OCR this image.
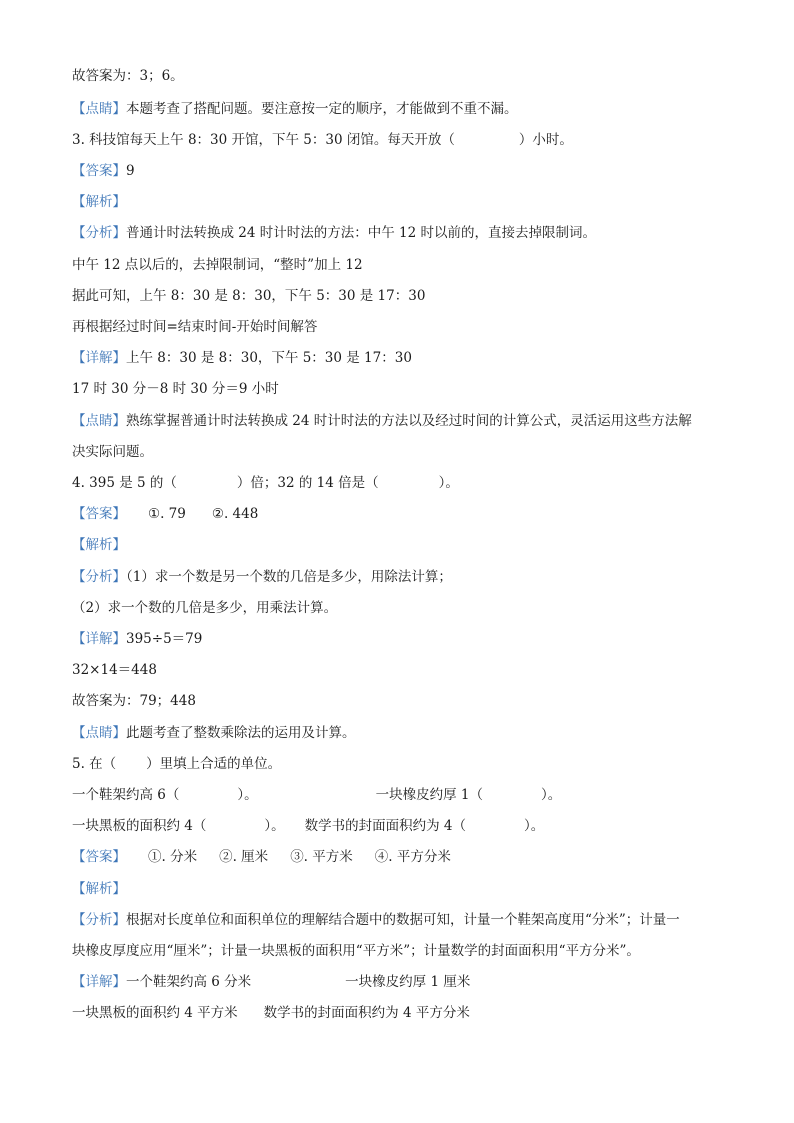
故答案为：3；6。
【点睛】本题考查了搭配问题。要注意按一定的顺序，才能做到不重不漏。
3. 科技馆每天上午 8：30 开馆，下午 5：30 闭馆。每天开放（	）小时。
【答案】9
【解析】
【分析】普通计时法转换成 24 时计时法的方法：中午 12 时以前的，直接去掉限制词。
中午 12 点以后的，去掉限制词，“整时”加上 12
据此可知，上午 8：30 是 8：30，下午 5：30 是 17：30
再根据经过时间=结束时间-开始时间解答
【详解】上午 8：30 是 8：30，下午 5：30 是 17：30
17 时 30 分－8 时 30 分＝9 小时
【点睛】熟练掌握普通计时法转换成 24 时计时法的方法以及经过时间的计算公式，灵活运用这些方法解
决实际问题。
4. 395 是 5 的（	）倍；32 的 14 倍是（	）。
【答案】 ①. 79 ②. 448
【解析】
【分析】（1）求一个数是另一个数的几倍是多少，用除法计算；
（2）求一个数的几倍是多少，用乘法计算。
【详解】395÷5＝79
32×14＝448
故答案为：79；448
【点睛】此题考查了整数乘除法的运用及计算。
5. 在（ ）里填上合适的单位。
一个鞋架约高 6（	）。	一块橡皮约厚 1（	）。
一块黑板的面积约 4（	）。 数学书的封面面积约为 4（	）。
【答案】 ①. 分米 ②. 厘米 ③. 平方米 ④. 平方分米
【解析】
【分析】根据对长度单位和面积单位的理解结合题中的数据可知，计量一个鞋架高度用“分米”；计量一
块橡皮厚度应用“厘米”；计量一块黑板的面积用“平方米”；计量数学的封面面积用“平方分米”。
【详解】一个鞋架约高 6 分米	一块橡皮约厚 1 厘米
一块黑板的面积约 4 平方米 数学书的封面面积约为 4 平方分米
